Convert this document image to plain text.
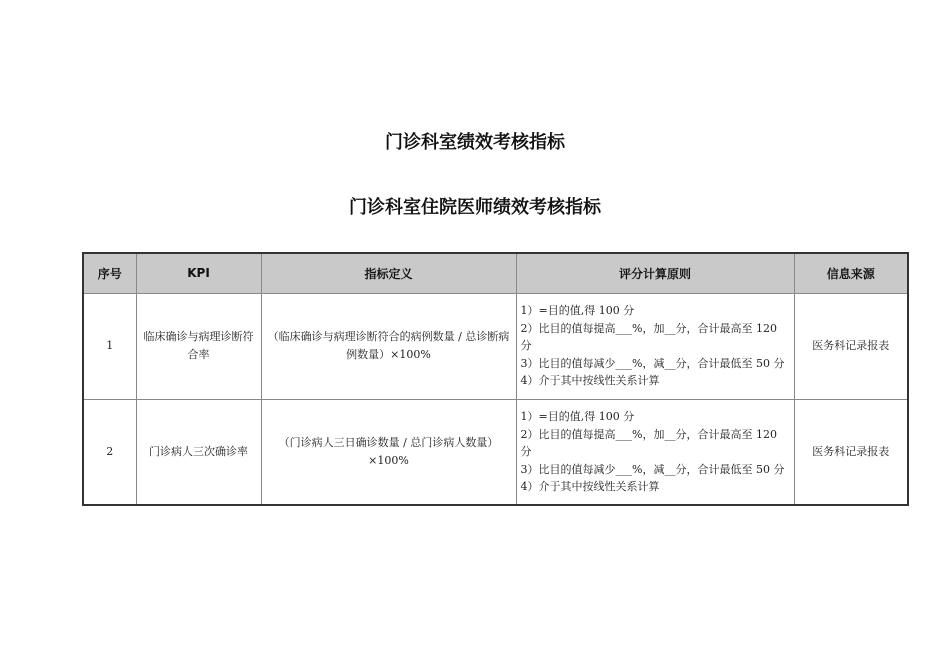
门诊科室绩效考核指标
门诊科室住院医师绩效考核指标
序号	KPI	指标定义	评分计算原则	信息来源
1	临床确诊与病理诊断符合率	（临床确诊与病理诊断符合的病例数量 / 总诊断病例数量）×100%	1）=目的值,得 100 分
2）比目的值每提高___%，加__分，合计最高至 120 分
3）比目的值每减少___%，减__分，合计最低至 50 分
4）介于其中按线性关系计算	医务科记录报表
2	门诊病人三次确诊率	（门诊病人三日确诊数量 / 总门诊病人数量）×100%	1）=目的值,得 100 分
2）比目的值每提高___%，加__分，合计最高至 120 分
3）比目的值每减少___%，减__分，合计最低至 50 分
4）介于其中按线性关系计算	医务科记录报表
